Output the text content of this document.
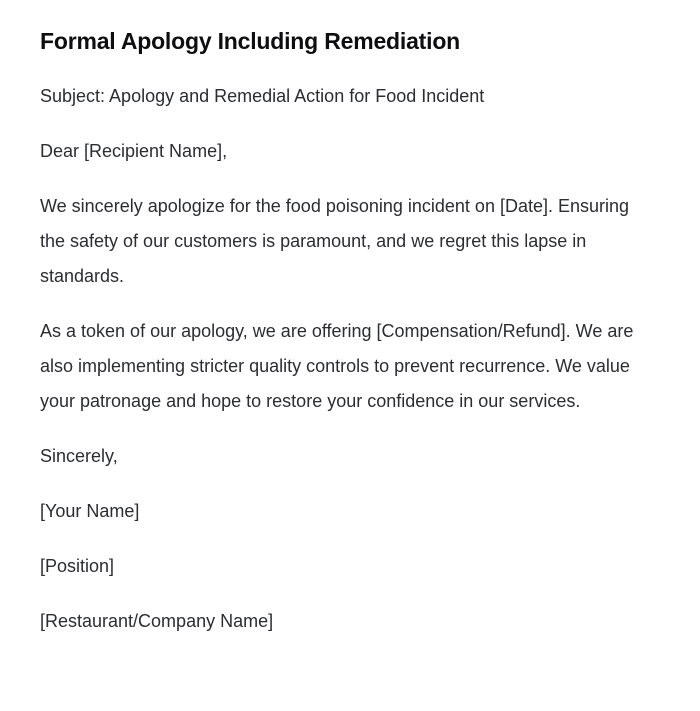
Formal Apology Including Remediation

Subject: Apology and Remedial Action for Food Incident

Dear [Recipient Name],

We sincerely apologize for the food poisoning incident on [Date]. Ensuring the safety of our customers is paramount, and we regret this lapse in standards.

As a token of our apology, we are offering [Compensation/Refund]. We are also implementing stricter quality controls to prevent recurrence. We value your patronage and hope to restore your confidence in our services.

Sincerely,

[Your Name]

[Position]

[Restaurant/Company Name]
